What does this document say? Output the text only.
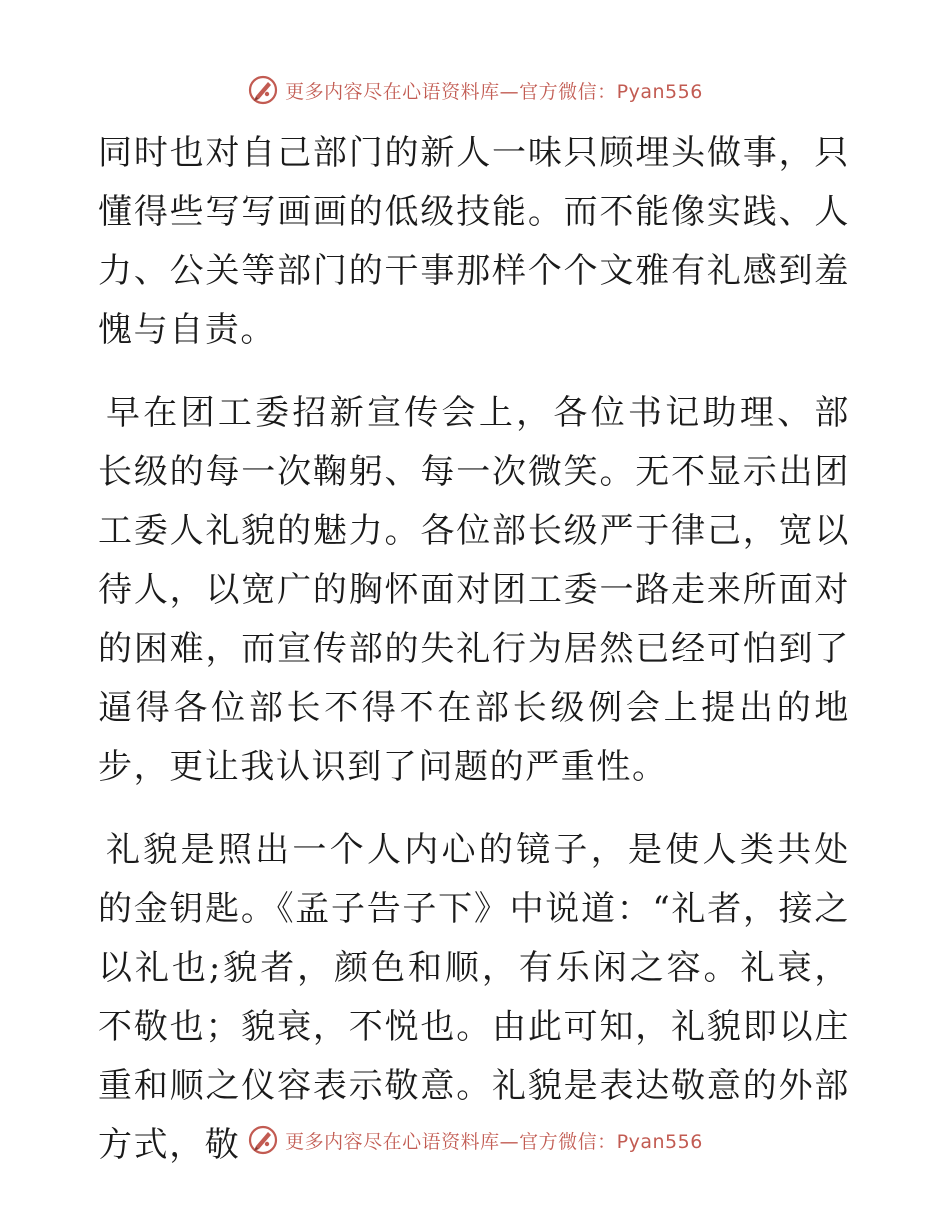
更多内容尽在心语资料库—官方微信：Pyan556

同时也对自己部门的新人一味只顾埋头做事，只懂得些写写画画的低级技能。而不能像实践、人力、公关等部门的干事那样个个文雅有礼感到羞愧与自责。

早在团工委招新宣传会上，各位书记助理、部长级的每一次鞠躬、每一次微笑。无不显示出团工委人礼貌的魅力。各位部长级严于律己，宽以待人，以宽广的胸怀面对团工委一路走来所面对的困难，而宣传部的失礼行为居然已经可怕到了逼得各位部长不得不在部长级例会上提出的地步，更让我认识到了问题的严重性。

礼貌是照出一个人内心的镜子，是使人类共处的金钥匙。《孟子告子下》中说道：“礼者，接之以礼也;貌者，颜色和顺，有乐闲之容。礼衰，不敬也；貌衰，不悦也。由此可知，礼貌即以庄重和顺之仪容表示敬意。礼貌是表达敬意的外部方式，敬	更多内容尽在心语资料库—官方微信：Pyan556
